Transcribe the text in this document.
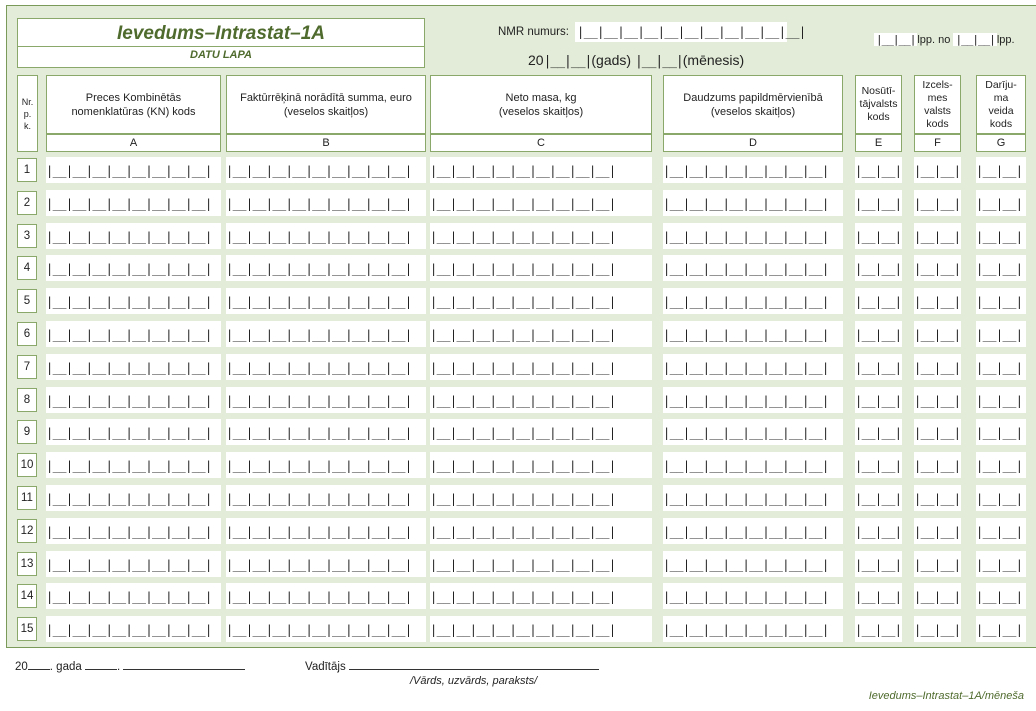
Ievedums–Intrastat–1A
DATU LAPA
NMR numurs: |__|__|__|__|__|__|__|__|__|__|__|
20|__|__|(gads) |__|__|(mēnesis)
|__|__| lpp. no |__|__| lpp.
Nr. p. k.
Preces Kombinētās
nomenklatūras (KN) kods
A
Faktūrrēķinā norādītā summa, euro
(veselos skaitļos)
B
Neto masa, kg
(veselos skaitļos)
C
Daudzums papildmērvienībā
(veselos skaitļos)
D
Nosūtī-
tājvalsts
kods
E
Izcels-
mes
valsts
kods
F
Darīju-
ma
veida
kods
G
1	|__|__|__|__|__|__|__|__|	|__|__|__|__|__|__|__|__|__|	|__|__|__|__|__|__|__|__|__|	|__|__|__|__|__|__|__|__|	|__|__| |__|__| |__|__|
2	|__|__|__|__|__|__|__|__|	|__|__|__|__|__|__|__|__|__|	|__|__|__|__|__|__|__|__|__|	|__|__|__|__|__|__|__|__|	|__|__| |__|__| |__|__|
3	|__|__|__|__|__|__|__|__|	|__|__|__|__|__|__|__|__|__|	|__|__|__|__|__|__|__|__|__|	|__|__|__|__|__|__|__|__|	|__|__| |__|__| |__|__|
4	|__|__|__|__|__|__|__|__|	|__|__|__|__|__|__|__|__|__|	|__|__|__|__|__|__|__|__|__|	|__|__|__|__|__|__|__|__|	|__|__| |__|__| |__|__|
5	|__|__|__|__|__|__|__|__|	|__|__|__|__|__|__|__|__|__|	|__|__|__|__|__|__|__|__|__|	|__|__|__|__|__|__|__|__|	|__|__| |__|__| |__|__|
6	|__|__|__|__|__|__|__|__|	|__|__|__|__|__|__|__|__|__|	|__|__|__|__|__|__|__|__|__|	|__|__|__|__|__|__|__|__|	|__|__| |__|__| |__|__|
7	|__|__|__|__|__|__|__|__|	|__|__|__|__|__|__|__|__|__|	|__|__|__|__|__|__|__|__|__|	|__|__|__|__|__|__|__|__|	|__|__| |__|__| |__|__|
8	|__|__|__|__|__|__|__|__|	|__|__|__|__|__|__|__|__|__|	|__|__|__|__|__|__|__|__|__|	|__|__|__|__|__|__|__|__|	|__|__| |__|__| |__|__|
9	|__|__|__|__|__|__|__|__|	|__|__|__|__|__|__|__|__|__|	|__|__|__|__|__|__|__|__|__|	|__|__|__|__|__|__|__|__|	|__|__| |__|__| |__|__|
10	|__|__|__|__|__|__|__|__|	|__|__|__|__|__|__|__|__|__|	|__|__|__|__|__|__|__|__|__|	|__|__|__|__|__|__|__|__|	|__|__| |__|__| |__|__|
11	|__|__|__|__|__|__|__|__|	|__|__|__|__|__|__|__|__|__|	|__|__|__|__|__|__|__|__|__|	|__|__|__|__|__|__|__|__|	|__|__| |__|__| |__|__|
12	|__|__|__|__|__|__|__|__|	|__|__|__|__|__|__|__|__|__|	|__|__|__|__|__|__|__|__|__|	|__|__|__|__|__|__|__|__|	|__|__| |__|__| |__|__|
13	|__|__|__|__|__|__|__|__|	|__|__|__|__|__|__|__|__|__|	|__|__|__|__|__|__|__|__|__|	|__|__|__|__|__|__|__|__|	|__|__| |__|__| |__|__|
14	|__|__|__|__|__|__|__|__|	|__|__|__|__|__|__|__|__|__|	|__|__|__|__|__|__|__|__|__|	|__|__|__|__|__|__|__|__|	|__|__| |__|__| |__|__|
15	|__|__|__|__|__|__|__|__|	|__|__|__|__|__|__|__|__|__|	|__|__|__|__|__|__|__|__|__|	|__|__|__|__|__|__|__|__|	|__|__| |__|__| |__|__|
20 . gada	.	Vadītājs
/Vārds, uzvārds, paraksts/
Ievedums–Intrastat–1A/mēneša
